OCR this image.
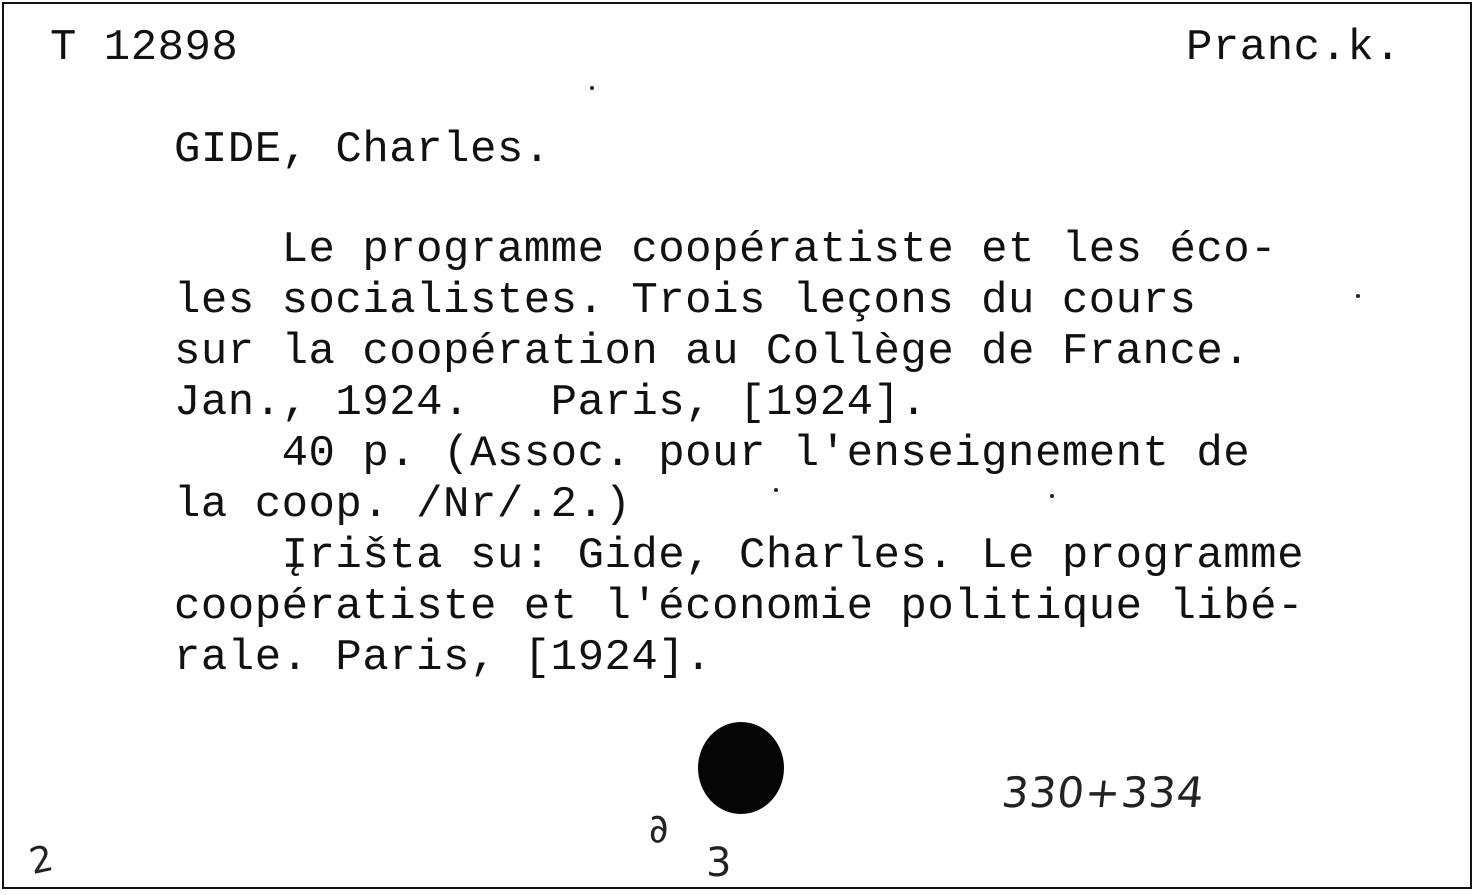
T 12898	Pranc.k.
GIDE, Charles.
Le programme coopératiste et les éco-
les socialistes. Trois leçons du cours
sur la coopération au Collège de France.
Jan., 1924.   Paris, [1924].
40 p. (Assoc. pour l'enseignement de
la coop. /Nr/.2.)
Įrišta su: Gide, Charles. Le programme
coopératiste et l'économie politique libé-
rale. Paris, [1924].
330+334
∂
3
2
